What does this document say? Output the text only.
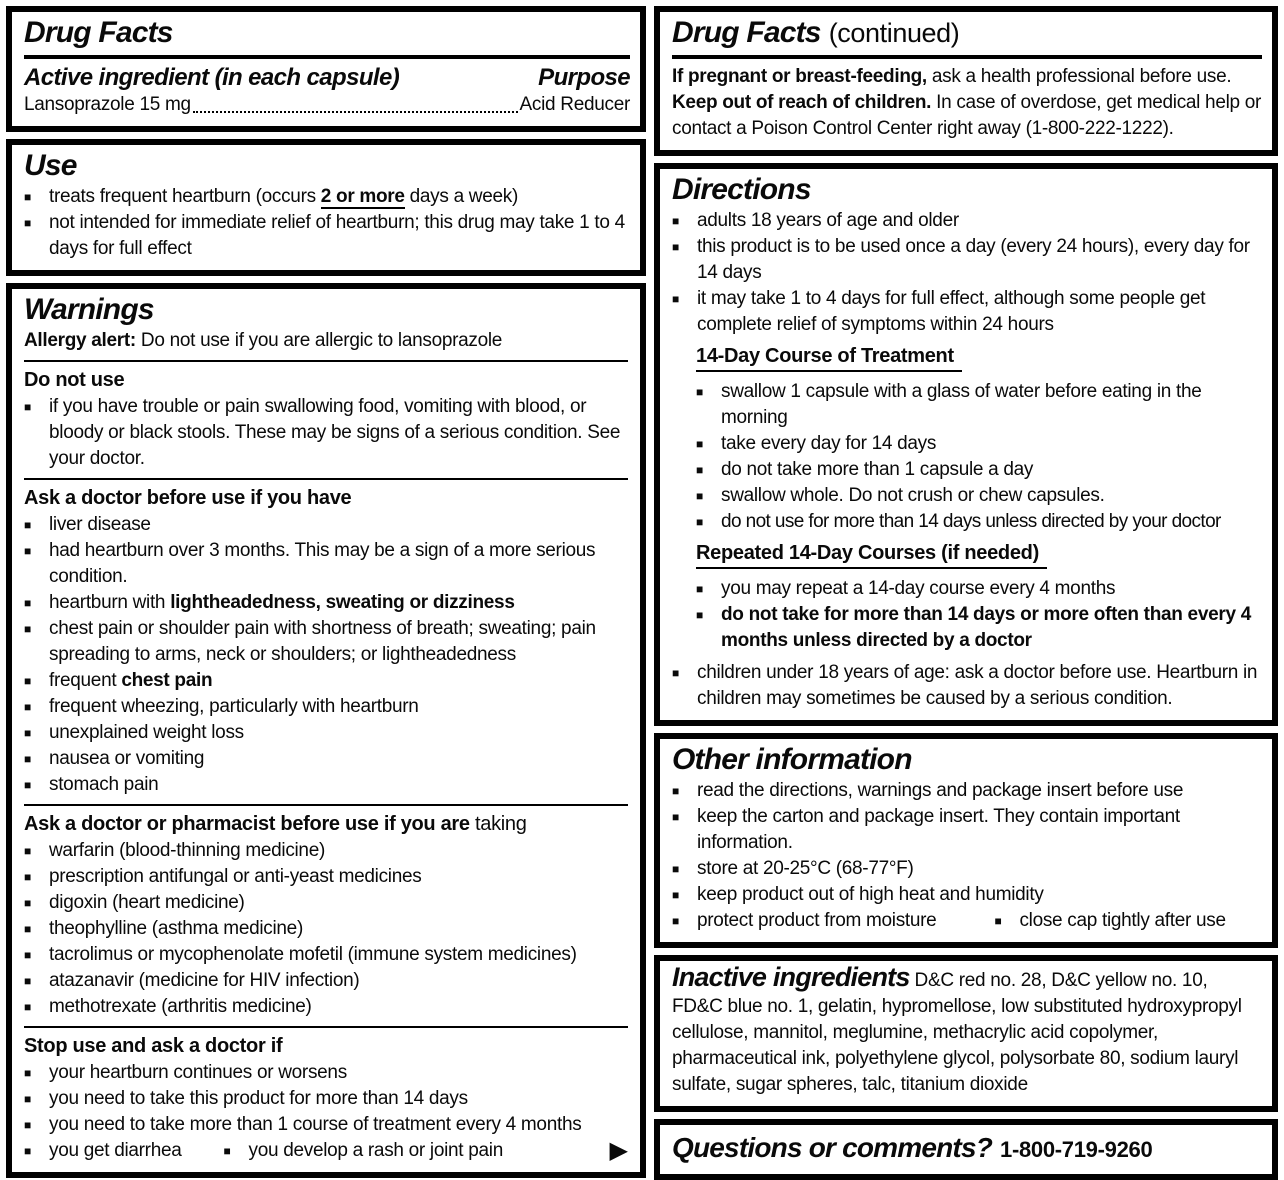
Drug Facts
Active ingredient (in each capsule)	Purpose
Lansoprazole 15 mg	Acid Reducer
Use
■ treats frequent heartburn (occurs 2 or more days a week)
■ not intended for immediate relief of heartburn; this drug may take 1 to 4 days for full effect
Warnings

Allergy alert: Do not use if you are allergic to lansoprazole

Do not use
■ if you have trouble or pain swallowing food, vomiting with blood, or bloody or black stools. These may be signs of a serious condition. See your doctor.
Ask a doctor before use if you have
■ liver disease
■ had heartburn over 3 months. This may be a sign of a more serious condition.
■ heartburn with lightheadedness, sweating or dizziness
■ chest pain or shoulder pain with shortness of breath; sweating; pain spreading to arms, neck or shoulders; or lightheadedness
■ frequent chest pain
■ frequent wheezing, particularly with heartburn
■ unexplained weight loss
■ nausea or vomiting
■ stomach pain
Ask a doctor or pharmacist before use if you are taking
■ warfarin (blood-thinning medicine)
■ prescription antifungal or anti-yeast medicines
■ digoxin (heart medicine)
■ theophylline (asthma medicine)
■ tacrolimus or mycophenolate mofetil (immune system medicines)
■ atazanavir (medicine for HIV infection)
■ methotrexate (arthritis medicine)
Stop use and ask a doctor if
■ your heartburn continues or worsens
■ you need to take this product for more than 14 days
■ you need to take more than 1 course of treatment every 4 months
■ you get diarrhea	■ you develop a rash or joint pain	▶
Drug Facts (continued)

If pregnant or breast-feeding, ask a health professional before use.

Keep out of reach of children. In case of overdose, get medical help or contact a Poison Control Center right away (1-800-222-1222).

Directions
■ adults 18 years of age and older
■ this product is to be used once a day (every 24 hours), every day for 14 days
■ it may take 1 to 4 days for full effect, although some people get complete relief of symptoms within 24 hours
14-Day Course of Treatment
■ swallow 1 capsule with a glass of water before eating in the morning
■ take every day for 14 days
■ do not take more than 1 capsule a day
■ swallow whole. Do not crush or chew capsules.
■ do not use for more than 14 days unless directed by your doctor
Repeated 14-Day Courses (if needed)
■ you may repeat a 14-day course every 4 months
■ do not take for more than 14 days or more often than every 4 months unless directed by a doctor
■ children under 18 years of age: ask a doctor before use. Heartburn in children may sometimes be caused by a serious condition.
Other information
■ read the directions, warnings and package insert before use
■ keep the carton and package insert. They contain important information.
■ store at 20-25°C (68-77°F)
■ keep product out of high heat and humidity
■ protect product from moisture	■ close cap tightly after use

Inactive ingredients D&C red no. 28, D&C yellow no. 10, FD&C blue no. 1, gelatin, hypromellose, low substituted hydroxypropyl cellulose, mannitol, meglumine, methacrylic acid copolymer, pharmaceutical ink, polyethylene glycol, polysorbate 80, sodium lauryl sulfate, sugar spheres, talc, titanium dioxide

Questions or comments? 1-800-719-9260
